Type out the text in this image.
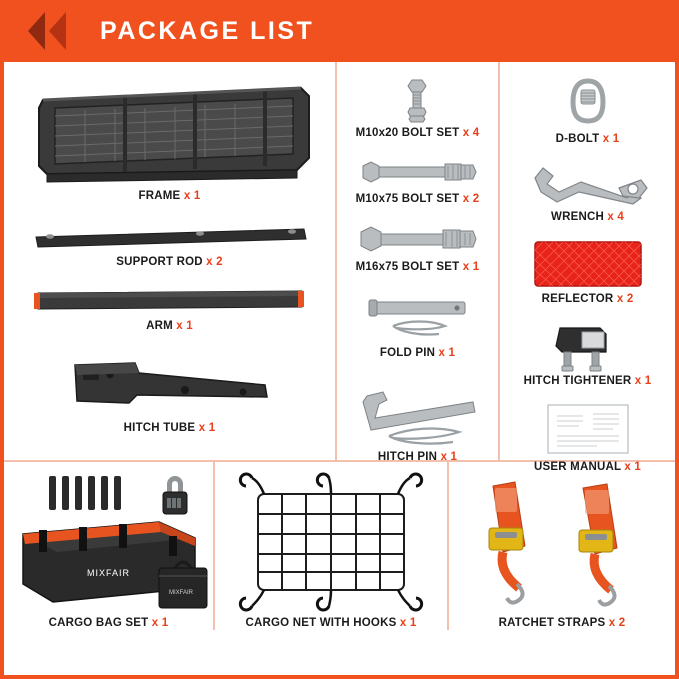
PACKAGE LIST
FRAME x 1
SUPPORT ROD x 2
ARM x 1
HITCH TUBE x 1
M10x20 BOLT SET x 4
M10x75 BOLT SET x 2
M16x75 BOLT SET x 1
FOLD PIN x 1
HITCH PIN x 1
D-BOLT x 1
WRENCH x 4
REFLECTOR x 2
HITCH TIGHTENER x 1
USER MANUAL x 1
MIXFAIR
MIXFAIR
CARGO BAG SET x 1	CARGO NET WITH HOOKS x 1	RATCHET STRAPS x 2
